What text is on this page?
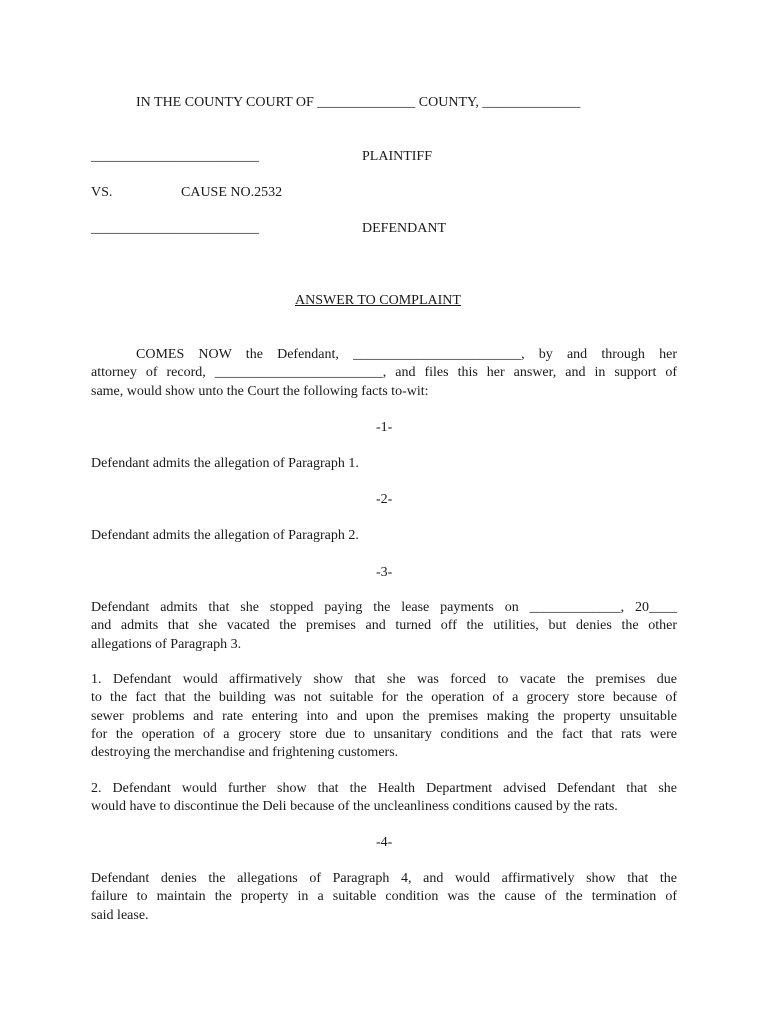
IN THE COUNTY COURT OF ______________ COUNTY, ______________
________________________	PLAINTIFF
VS.	CAUSE NO.2532
________________________	DEFENDANT
ANSWER TO COMPLAINT
COMES NOW the Defendant, ________________________, by and through her
attorney of record, ________________________, and files this her answer, and in support of
same, would show unto the Court the following facts to-wit:
-1-
Defendant admits the allegation of Paragraph 1.
-2-
Defendant admits the allegation of Paragraph 2.
-3-
Defendant admits that she stopped paying the lease payments on _____________, 20____
and admits that she vacated the premises and turned off the utilities, but denies the other
allegations of Paragraph 3.
1. Defendant would affirmatively show that she was forced to vacate the premises due
to the fact that the building was not suitable for the operation of a grocery store because of
sewer problems and rate entering into and upon the premises making the property unsuitable
for the operation of a grocery store due to unsanitary conditions and the fact that rats were
destroying the merchandise and frightening customers.
2. Defendant would further show that the Health Department advised Defendant that she
would have to discontinue the Deli because of the uncleanliness conditions caused by the rats.
-4-
Defendant denies the allegations of Paragraph 4, and would affirmatively show that the
failure to maintain the property in a suitable condition was the cause of the termination of
said lease.
